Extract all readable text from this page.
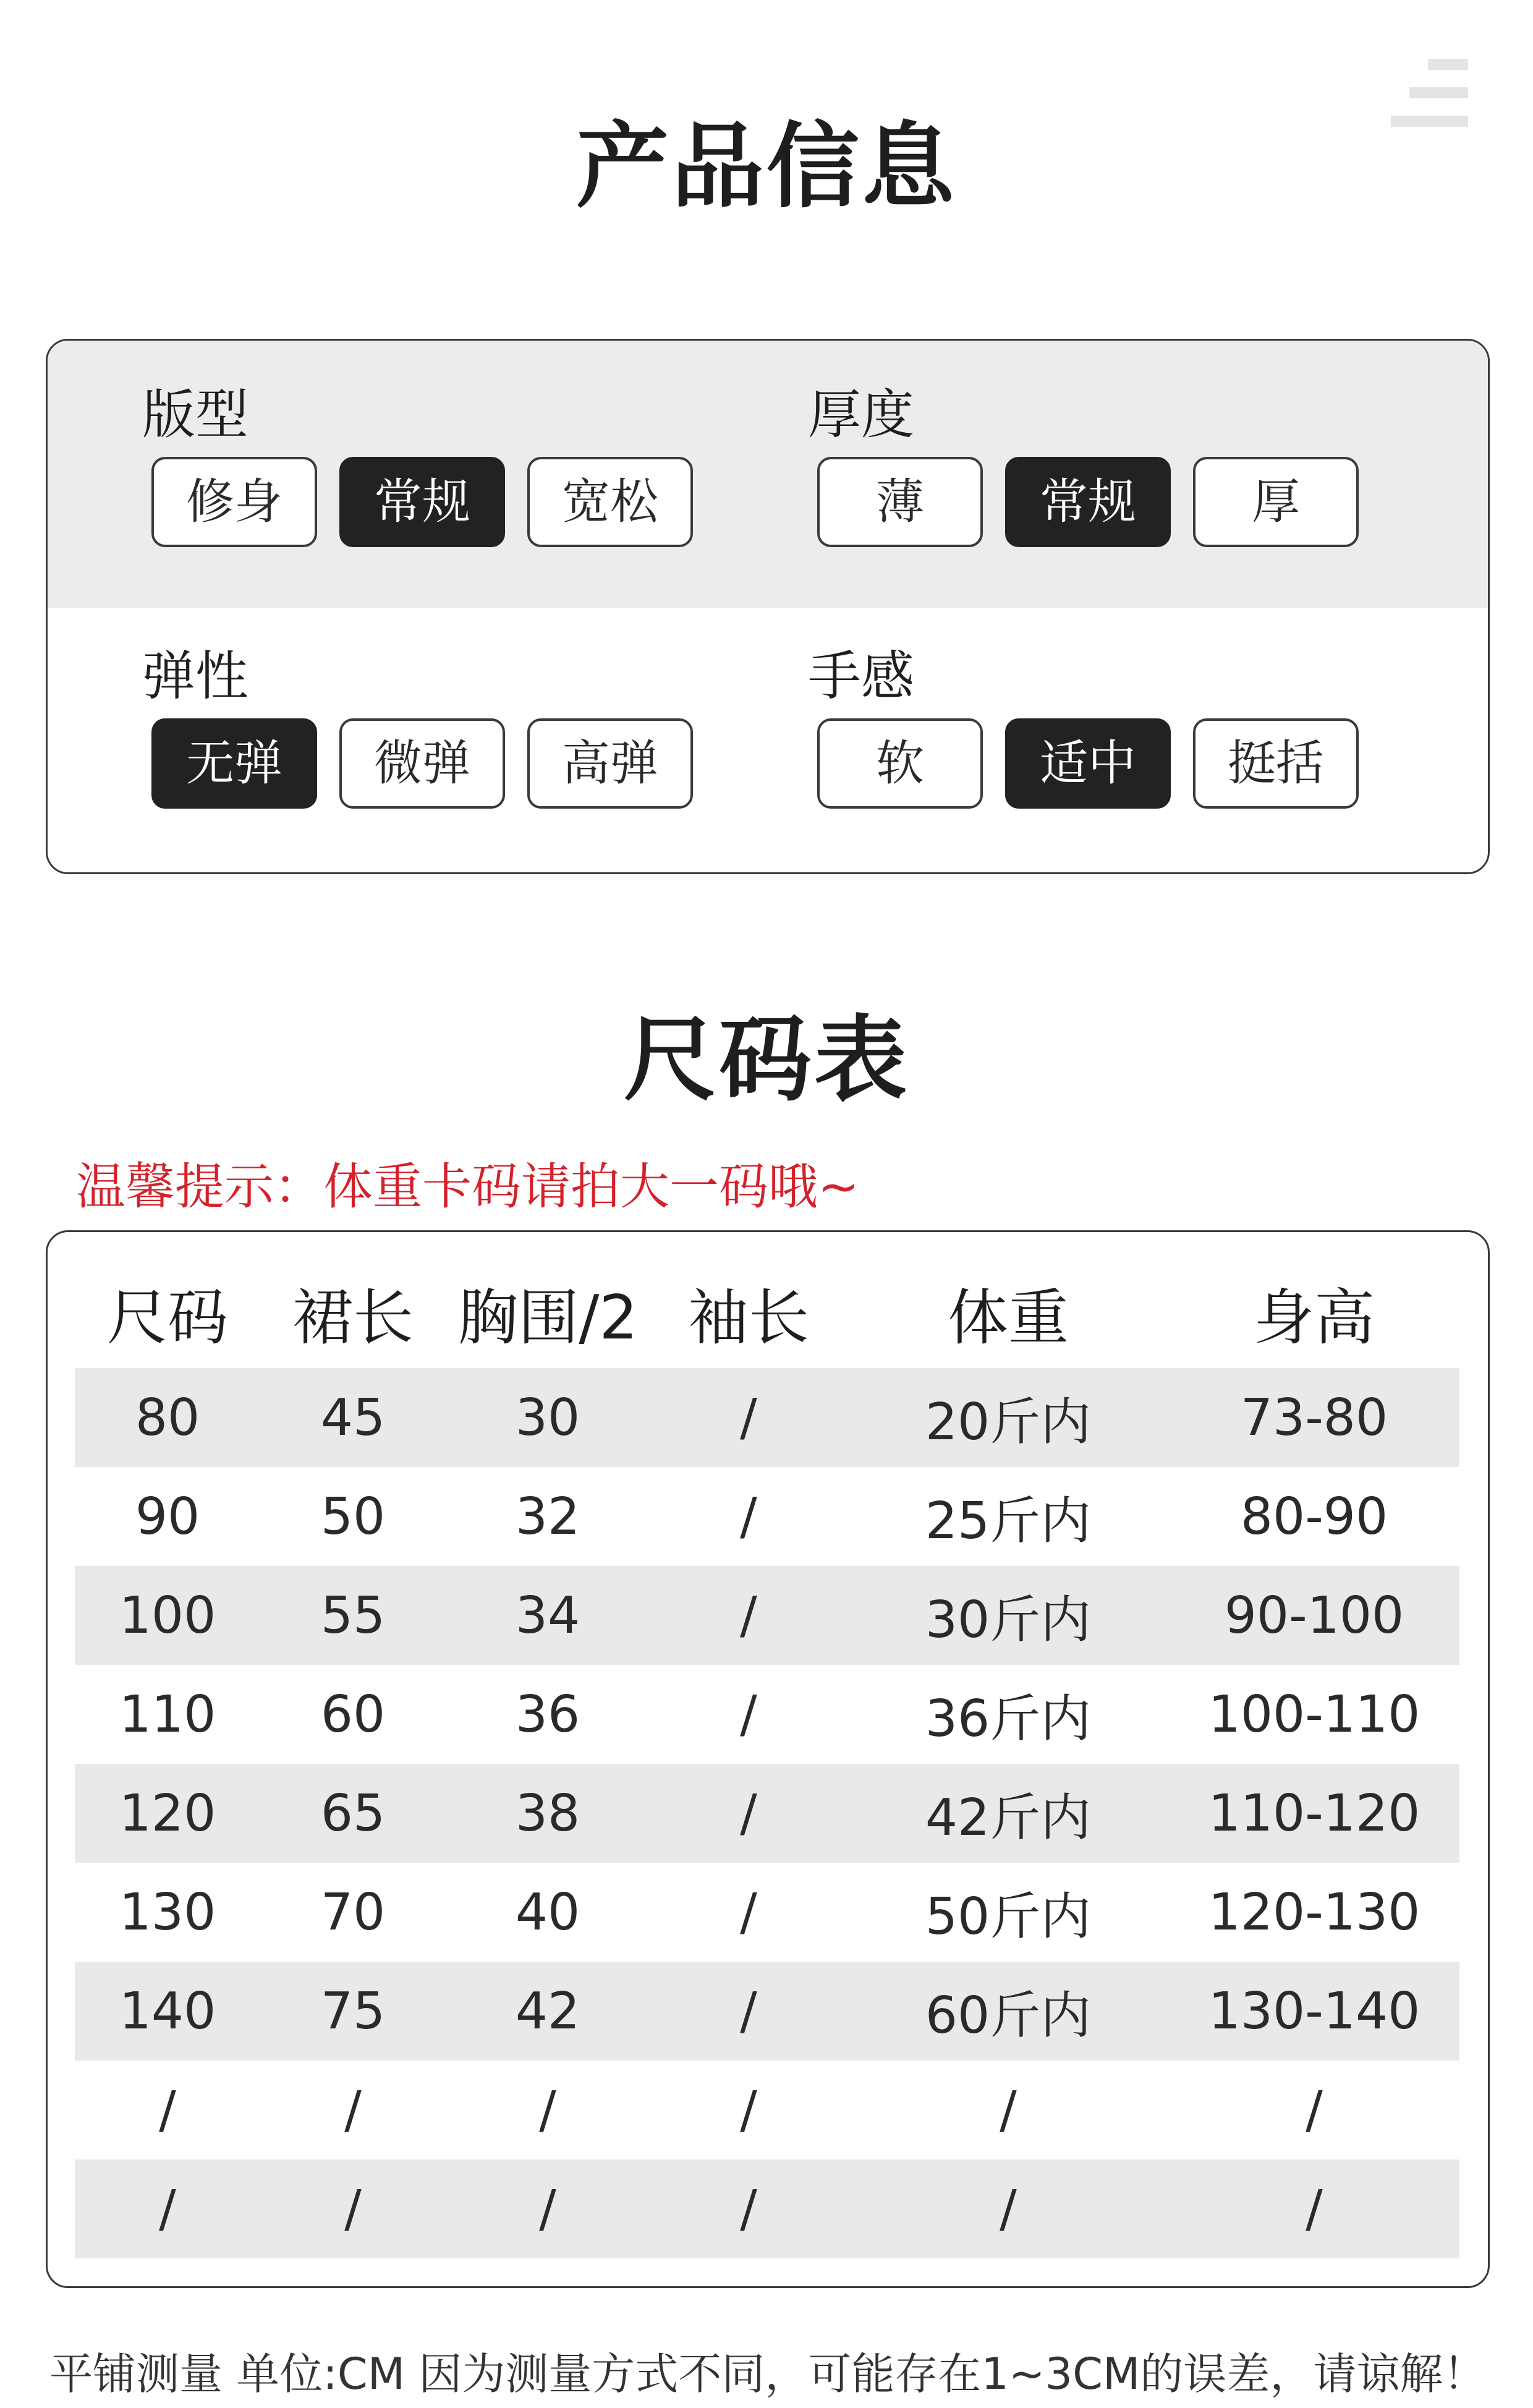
产品信息
版型
修身 常规 宽松
厚度
薄 常规 厚
弹性
无弹 微弹 高弹
手感
软 适中 挺括
尺码表
温馨提示：体重卡码请拍大一码哦~
尺码	裙长	胸围/2	袖长	体重	身高
80	45	30	/	20斤内	73-80
90	50	32	/	25斤内	80-90
100	55	34	/	30斤内	90-100
110	60	36	/	36斤内	100-110
120	65	38	/	42斤内	110-120
130	70	40	/	50斤内	120-130
140	75	42	/	60斤内	130-140
/	/	/	/	/	/
/	/	/	/	/	/
平铺测量 单位:CM 因为测量方式不同，可能存在1~3CM的误差，请谅解！
